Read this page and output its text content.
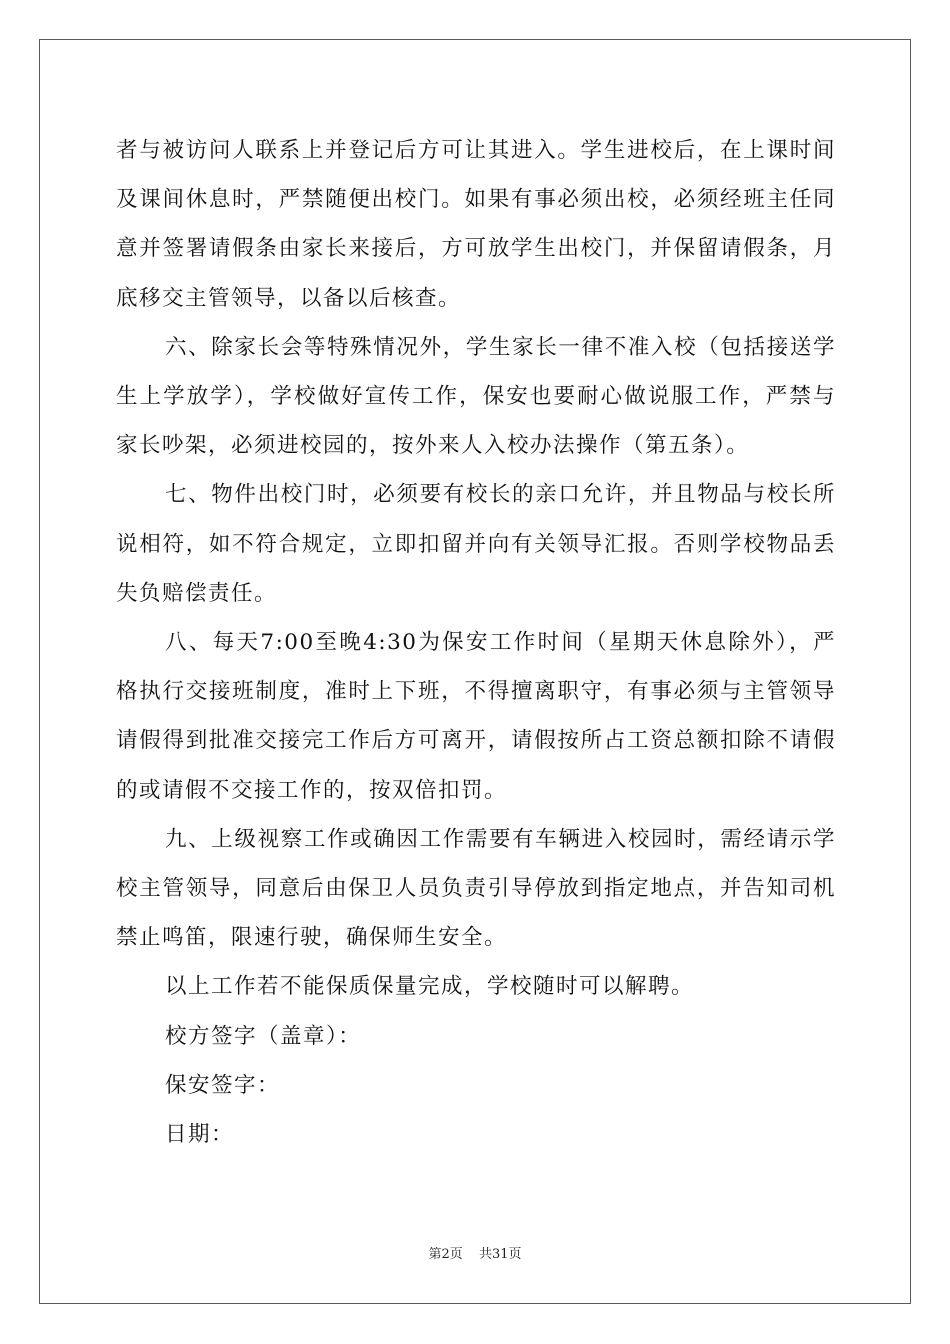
者与被访问人联系上并登记后方可让其进入。学生进校后，在上课时间及课间休息时，严禁随便出校门。如果有事必须出校，必须经班主任同意并签署请假条由家长来接后，方可放学生出校门，并保留请假条，月底移交主管领导，以备以后核查。

六、除家长会等特殊情况外，学生家长一律不准入校（包括接送学生上学放学），学校做好宣传工作，保安也要耐心做说服工作，严禁与家长吵架，必须进校园的，按外来人入校办法操作（第五条）。

七、物件出校门时，必须要有校长的亲口允许，并且物品与校长所说相符，如不符合规定，立即扣留并向有关领导汇报。否则学校物品丢失负赔偿责任。

八、每天7:00至晚4:30为保安工作时间（星期天休息除外），严格执行交接班制度，准时上下班，不得擅离职守，有事必须与主管领导请假得到批准交接完工作后方可离开，请假按所占工资总额扣除不请假的或请假不交接工作的，按双倍扣罚。

九、上级视察工作或确因工作需要有车辆进入校园时，需经请示学校主管领导，同意后由保卫人员负责引导停放到指定地点，并告知司机禁止鸣笛，限速行驶，确保师生安全。

以上工作若不能保质保量完成，学校随时可以解聘。

校方签字（盖章）：

保安签字：

日期：

第2页 共31页
